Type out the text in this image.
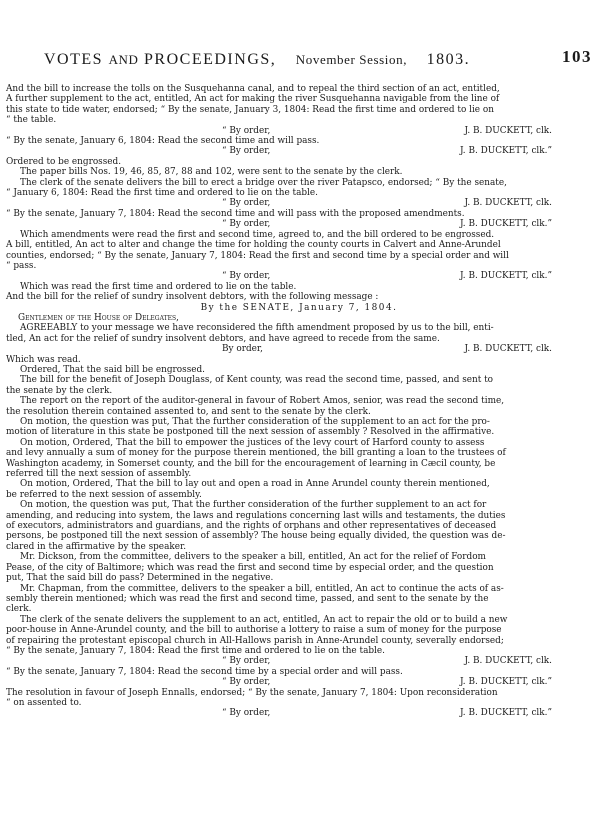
VOTES AND PROCEEDINGS, November Session, 1803.	103

And the bill to increase the tolls on the Susquehanna canal, and to repeal the third section of an act, entitled,

A further supplement to the act, entitled, An act for making the river Susquehanna navigable from the line of

this state to tide water, endorsed; “ By the senate, January 3, 1804: Read the first time and ordered to lie on

“ the table.

“ By order,	J. B. DUCKETT, clk.

“ By the senate, January 6, 1804: Read the second time and will pass.

“ By order,	J. B. DUCKETT, clk.”

Ordered to be engrossed.

The paper bills Nos. 19, 46, 85, 87, 88 and 102, were sent to the senate by the clerk.

The clerk of the senate delivers the bill to erect a bridge over the river Patapsco, endorsed; “ By the senate,

“ January 6, 1804: Read the first time and ordered to lie on the table.

“ By order,	J. B. DUCKETT, clk.

“ By the senate, January 7, 1804: Read the second time and will pass with the proposed amendments.

“ By order,	J. B. DUCKETT, clk.”

Which amendments were read the first and second time, agreed to, and the bill ordered to be engrossed.

A bill, entitled, An act to alter and change the time for holding the county courts in Calvert and Anne-Arundel

counties, endorsed; “ By the senate, January 7, 1804: Read the first and second time by a special order and will

“ pass.

“ By order,	J. B. DUCKETT, clk.”

Which was read the first time and ordered to lie on the table.

And the bill for the relief of sundry insolvent debtors, with the following message :

By the SENATE, January 7, 1804.

Gentlemen of the House of Delegates,

AGREEABLY to your message we have reconsidered the fifth amendment proposed by us to the bill, enti-

tled, An act for the relief of sundry insolvent debtors, and have agreed to recede from the same.

By order,	J. B. DUCKETT, clk.

Which was read.

Ordered, That the said bill be engrossed.

The bill for the benefit of Joseph Douglass, of Kent county, was read the second time, passed, and sent to

the senate by the clerk.

The report on the report of the auditor-general in favour of Robert Amos, senior, was read the second time,

the resolution therein contained assented to, and sent to the senate by the clerk.

On motion, the question was put, That the further consideration of the supplement to an act for the pro-

motion of literature in this state be postponed till the next session of assembly ? Resolved in the affirmative.

On motion, Ordered, That the bill to empower the justices of the levy court of Harford county to assess

and levy annually a sum of money for the purpose therein mentioned, the bill granting a loan to the trustees of

Washington academy, in Somerset county, and the bill for the encouragement of learning in Cæcil county, be

referred till the next session of assembly.

On motion, Ordered, That the bill to lay out and open a road in Anne Arundel county therein mentioned,

be referred to the next session of assembly.

On motion, the question was put, That the further consideration of the further supplement to an act for

amending, and reducing into system, the laws and regulations concerning last wills and testaments, the duties

of executors, administrators and guardians, and the rights of orphans and other representatives of deceased

persons, be postponed till the next session of assembly? The house being equally divided, the question was de-

clared in the affirmative by the speaker.

Mr. Dickson, from the committee, delivers to the speaker a bill, entitled, An act for the relief of Fordom

Pease, of the city of Baltimore; which was read the first and second time by especial order, and the question

put, That the said bill do pass? Determined in the negative.

Mr. Chapman, from the committee, delivers to the speaker a bill, entitled, An act to continue the acts of as-

sembly therein mentioned; which was read the first and second time, passed, and sent to the senate by the

clerk.

The clerk of the senate delivers the supplement to an act, entitled, An act to repair the old or to build a new

poor-house in Anne-Arundel county, and the bill to authorise a lottery to raise a sum of money for the purpose

of repairing the protestant episcopal church in All-Hallows parish in Anne-Arundel county, severally endorsed;

“ By the senate, January 7, 1804: Read the first time and ordered to lie on the table.

“ By order,	J. B. DUCKETT, clk.

“ By the senate, January 7, 1804: Read the second time by a special order and will pass.

“ By order,	J. B. DUCKETT, clk.”

The resolution in favour of Joseph Ennalls, endorsed; “ By the senate, January 7, 1804: Upon reconsideration

“ on assented to.

“ By order,	J. B. DUCKETT, clk.”
